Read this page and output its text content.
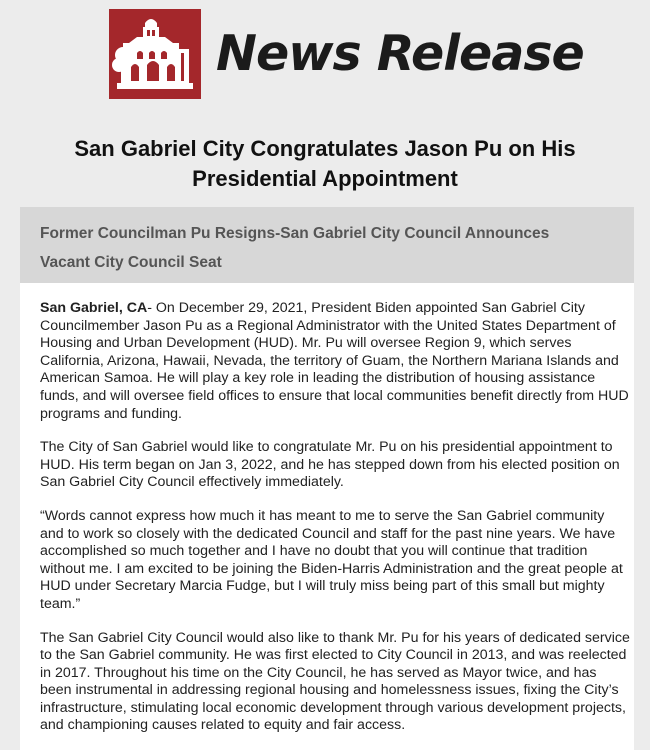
News Release
San Gabriel City Congratulates Jason Pu on His
Presidential Appointment
Former Councilman Pu Resigns-San Gabriel City Council Announces
Vacant City Council Seat

San Gabriel, CA- On December 29, 2021, President Biden appointed San Gabriel City Councilmember Jason Pu as a Regional Administrator with the United States Department of Housing and Urban Development (HUD). Mr. Pu will oversee Region 9, which serves California, Arizona, Hawaii, Nevada, the territory of Guam, the Northern Mariana Islands and American Samoa. He will play a key role in leading the distribution of housing assistance funds, and will oversee field offices to ensure that local communities benefit directly from HUD programs and funding.

The City of San Gabriel would like to congratulate Mr. Pu on his presidential appointment to HUD. His term began on Jan 3, 2022, and he has stepped down from his elected position on San Gabriel City Council effectively immediately.

“Words cannot express how much it has meant to me to serve the San Gabriel community and to work so closely with the dedicated Council and staff for the past nine years. We have accomplished so much together and I have no doubt that you will continue that tradition without me. I am excited to be joining the Biden-Harris Administration and the great people at HUD under Secretary Marcia Fudge, but I will truly miss being part of this small but mighty team.”

The San Gabriel City Council would also like to thank Mr. Pu for his years of dedicated service to the San Gabriel community. He was first elected to City Council in 2013, and was reelected in 2017. Throughout his time on the City Council, he has served as Mayor twice, and has been instrumental in addressing regional housing and homelessness issues, fixing the City’s infrastructure, stimulating local economic development through various development projects, and championing causes related to equity and fair access.
